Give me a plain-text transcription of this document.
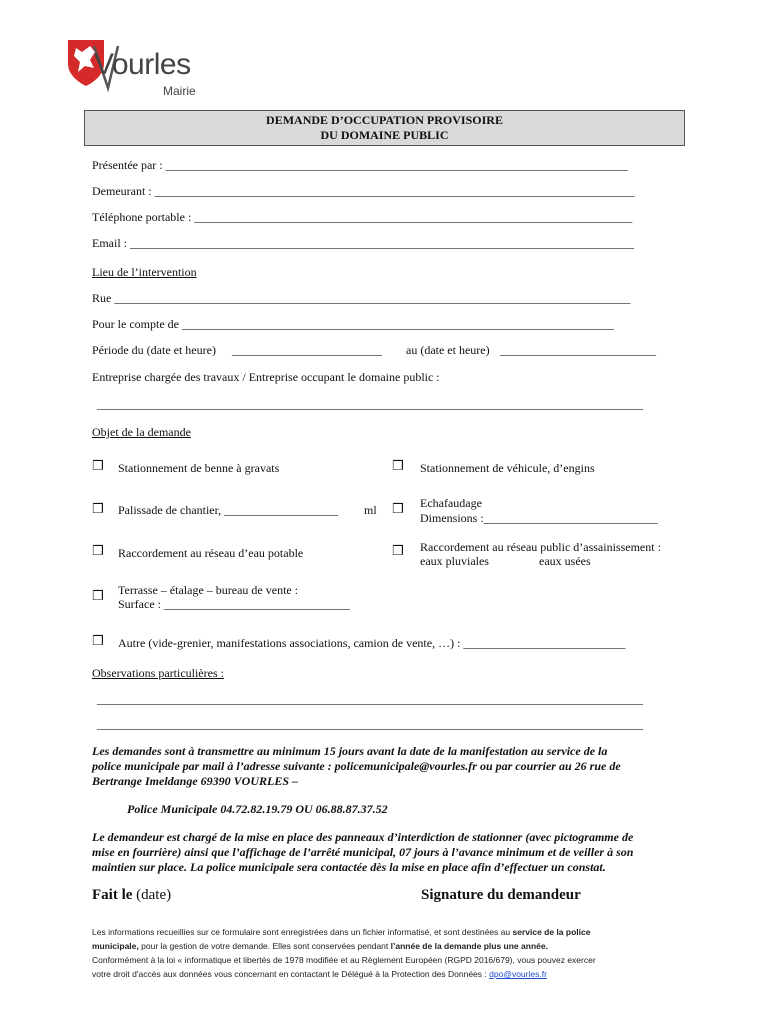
Vourles
Mairie
DEMANDE D’OCCUPATION PROVISOIRE
DU DOMAINE PUBLIC
Présentée par : _____________________________________________________________________________
Demeurant : ________________________________________________________________________________
Téléphone portable : _________________________________________________________________________
Email : ____________________________________________________________________________________
Lieu de l’intervention
Rue ______________________________________________________________________________________
Pour le compte de ________________________________________________________________________
Période du (date et heure) _________________________ au (date et heure) __________________________
Entreprise chargée des travaux / Entreprise occupant le domaine public :
___________________________________________________________________________________________
Objet de la demande
❒ Stationnement de benne à gravats	❒ Stationnement de véhicule, d’engins
❒ Palissade de chantier, ___________________ ml ❒ Echafaudage
Dimensions :_____________________________
❒ Raccordement au réseau d’eau potable	❒ Raccordement au réseau public d’assainissement :
eaux pluviales	eaux usées
❒ Terrasse – étalage – bureau de vente :
Surface : _______________________________
❒ Autre (vide-grenier, manifestations associations, camion de vente, …) : ___________________________
Observations particulières :
___________________________________________________________________________________________
___________________________________________________________________________________________
Les demandes sont à transmettre au minimum 15 jours avant la date de la manifestation au service de la
police municipale par mail à l’adresse suivante : policemunicipale@vourles.fr ou par courrier au 26 rue de
Bertrange Imeldange 69390 VOURLES –
Police Municipale 04.72.82.19.79 OU 06.88.87.37.52
Le demandeur est chargé de la mise en place des panneaux d’interdiction de stationner (avec pictogramme de
mise en fourrière) ainsi que l’affichage de l’arrêté municipal, 07 jours à l’avance minimum et de veiller à son
maintien sur place. La police municipale sera contactée dès la mise en place afin d’effectuer un constat.
Fait le (date)	Signature du demandeur
Les informations recueillies sur ce formulaire sont enregistrées dans un fichier informatisé, et sont destinées au service de la police
municipale, pour la gestion de votre demande. Elles sont conservées pendant l’année de la demande plus une année.
Conformément à la loi « informatique et libertés de 1978 modifiée et au Règlement Européen (RGPD 2016/679), vous pouvez exercer
votre droit d'accès aux données vous concernant en contactant le Délégué à la Protection des Données : dpo@vourles.fr
